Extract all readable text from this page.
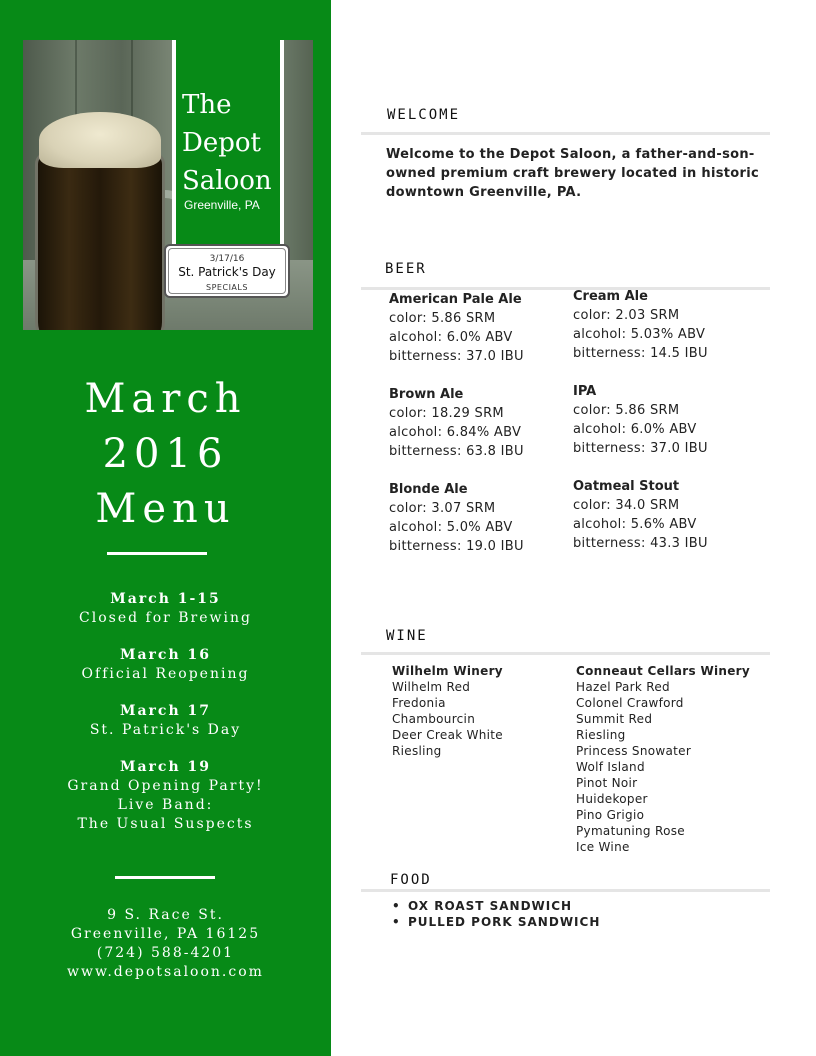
The
Depot
Saloon
Greenville, PA
3/17/16
St. Patrick's Day
SPECIALS
March
2016
Menu
March 1-15
Closed for Brewing
March 16
Official Reopening
March 17
St. Patrick's Day
March 19
Grand Opening Party!
Live Band:
The Usual Suspects
9 S. Race St.
Greenville, PA 16125
(724) 588-4201
www.depotsaloon.com
WELCOME
Welcome to the Depot Saloon, a father-and-son-owned premium craft brewery located in historic downtown Greenville, PA.
BEER
American Pale Ale
color: 5.86 SRM
alcohol: 6.0% ABV
bitterness: 37.0 IBU
Cream Ale
color: 2.03 SRM
alcohol: 5.03% ABV
bitterness: 14.5 IBU
Brown Ale
color: 18.29 SRM
alcohol: 6.84% ABV
bitterness: 63.8 IBU
IPA
color: 5.86 SRM
alcohol: 6.0% ABV
bitterness: 37.0 IBU
Blonde Ale
color: 3.07 SRM
alcohol: 5.0% ABV
bitterness: 19.0 IBU
Oatmeal Stout
color: 34.0 SRM
alcohol: 5.6% ABV
bitterness: 43.3 IBU
WINE
Wilhelm Winery
Wilhelm Red
Fredonia
Chambourcin
Deer Creak White
Riesling
Conneaut Cellars Winery
Hazel Park Red
Colonel Crawford
Summit Red
Riesling
Princess Snowater
Wolf Island
Pinot Noir
Huidekoper
Pino Grigio
Pymatuning Rose
Ice Wine
FOOD
• OX ROAST SANDWICH
• PULLED PORK SANDWICH
